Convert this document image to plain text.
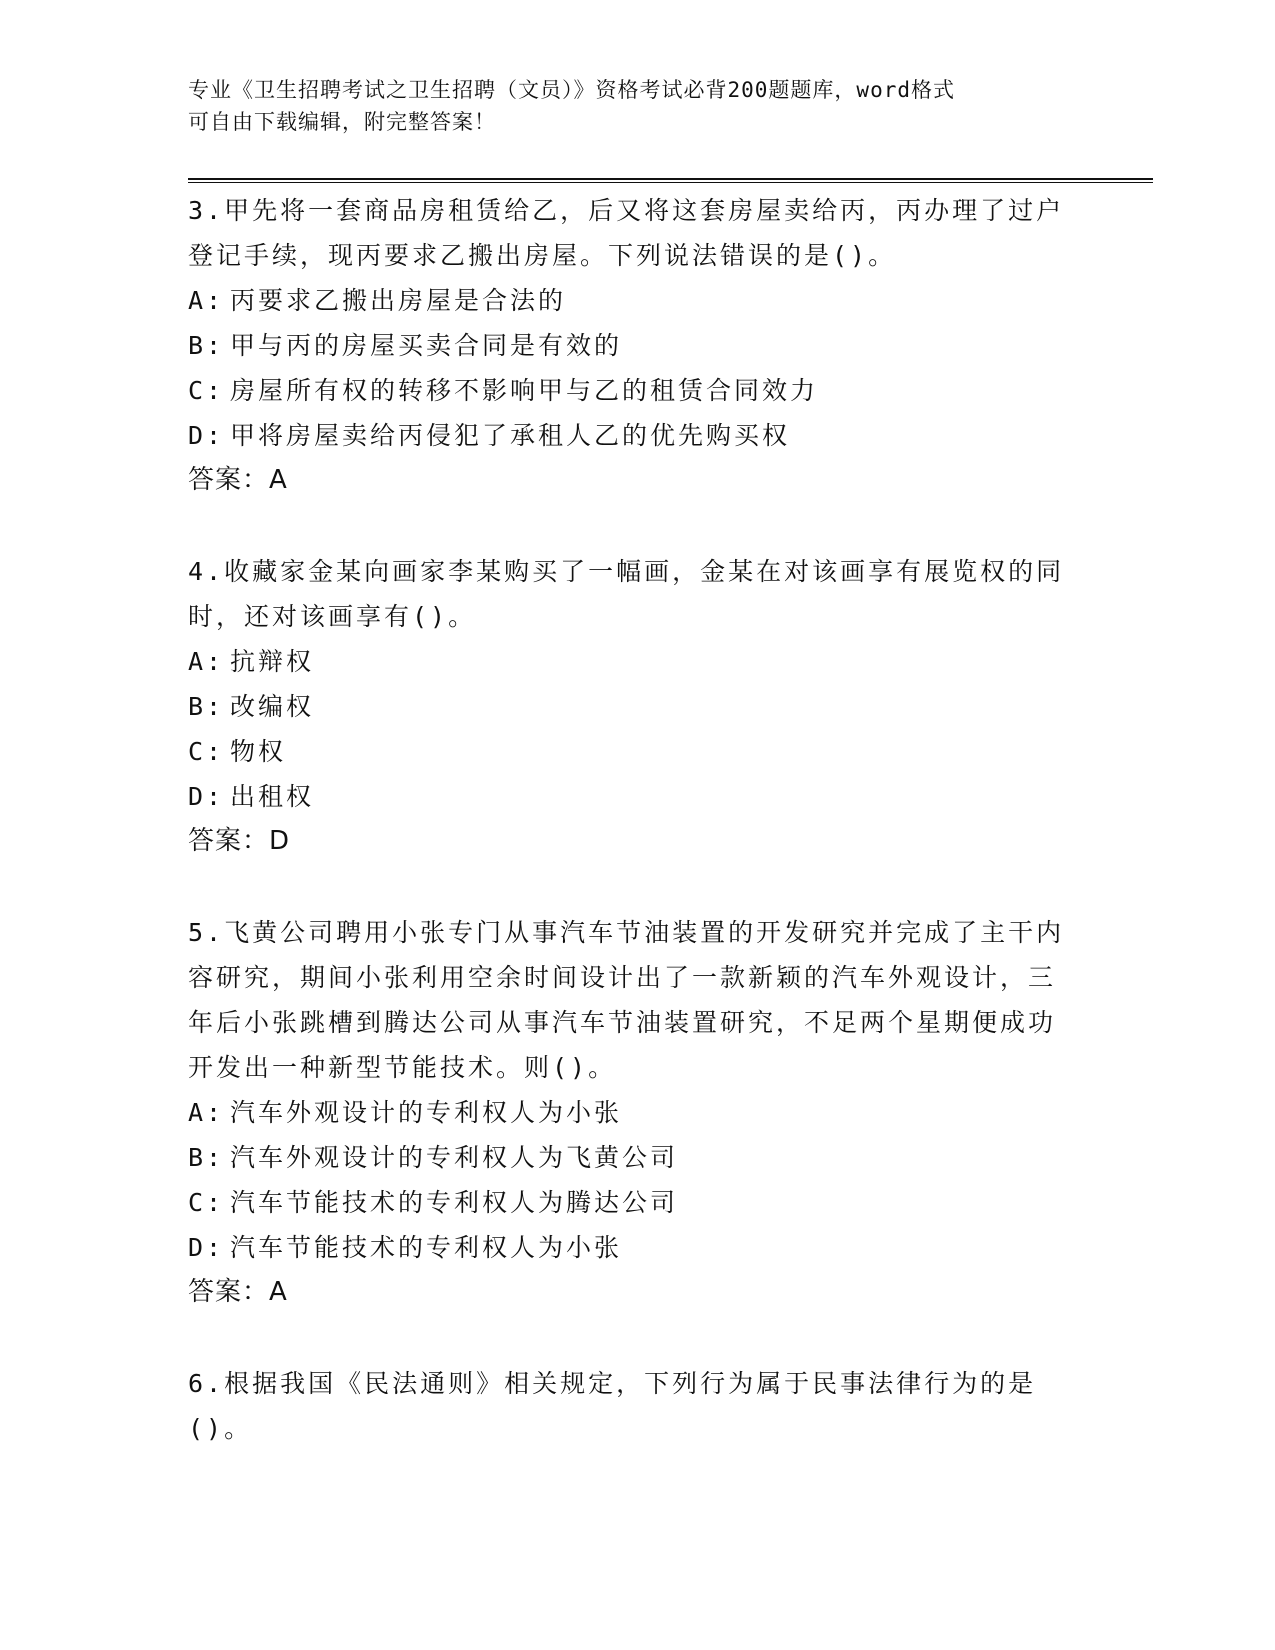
专业《卫生招聘考试之卫生招聘（文员）》资格考试必背200题题库，word格式
可自由下载编辑，附完整答案！
3.甲先将一套商品房租赁给乙，后又将这套房屋卖给丙，丙办理了过户登记手续，现丙要求乙搬出房屋。下列说法错误的是()。
A: 丙要求乙搬出房屋是合法的
B: 甲与丙的房屋买卖合同是有效的
C: 房屋所有权的转移不影响甲与乙的租赁合同效力
D: 甲将房屋卖给丙侵犯了承租人乙的优先购买权
答案：A
4.收藏家金某向画家李某购买了一幅画，金某在对该画享有展览权的同时，还对该画享有()。
A: 抗辩权
B: 改编权
C: 物权
D: 出租权
答案：D
5.飞黄公司聘用小张专门从事汽车节油装置的开发研究并完成了主干内容研究，期间小张利用空余时间设计出了一款新颖的汽车外观设计，三年后小张跳槽到腾达公司从事汽车节油装置研究，不足两个星期便成功开发出一种新型节能技术。则()。
A: 汽车外观设计的专利权人为小张
B: 汽车外观设计的专利权人为飞黄公司
C: 汽车节能技术的专利权人为腾达公司
D: 汽车节能技术的专利权人为小张
答案：A
6.根据我国《民法通则》相关规定，下列行为属于民事法律行为的是()。
